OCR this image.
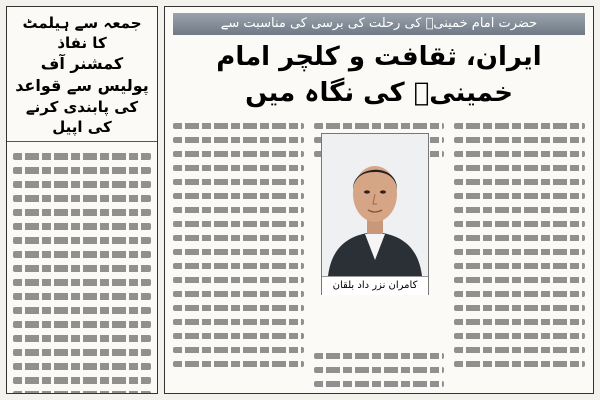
جمعہ سے ہیلمٹ کا نفاذ
کمشنر آف پولیس سے قواعد
کی پابندی کرنے کی اپیل
حضرت امام خمینیؒ کی رحلت کی برسی کی مناسبت سے
ایران، ثقافت و کلچر امام خمینیؒ کی نگاہ میں
کامران نزر داد بلقان
